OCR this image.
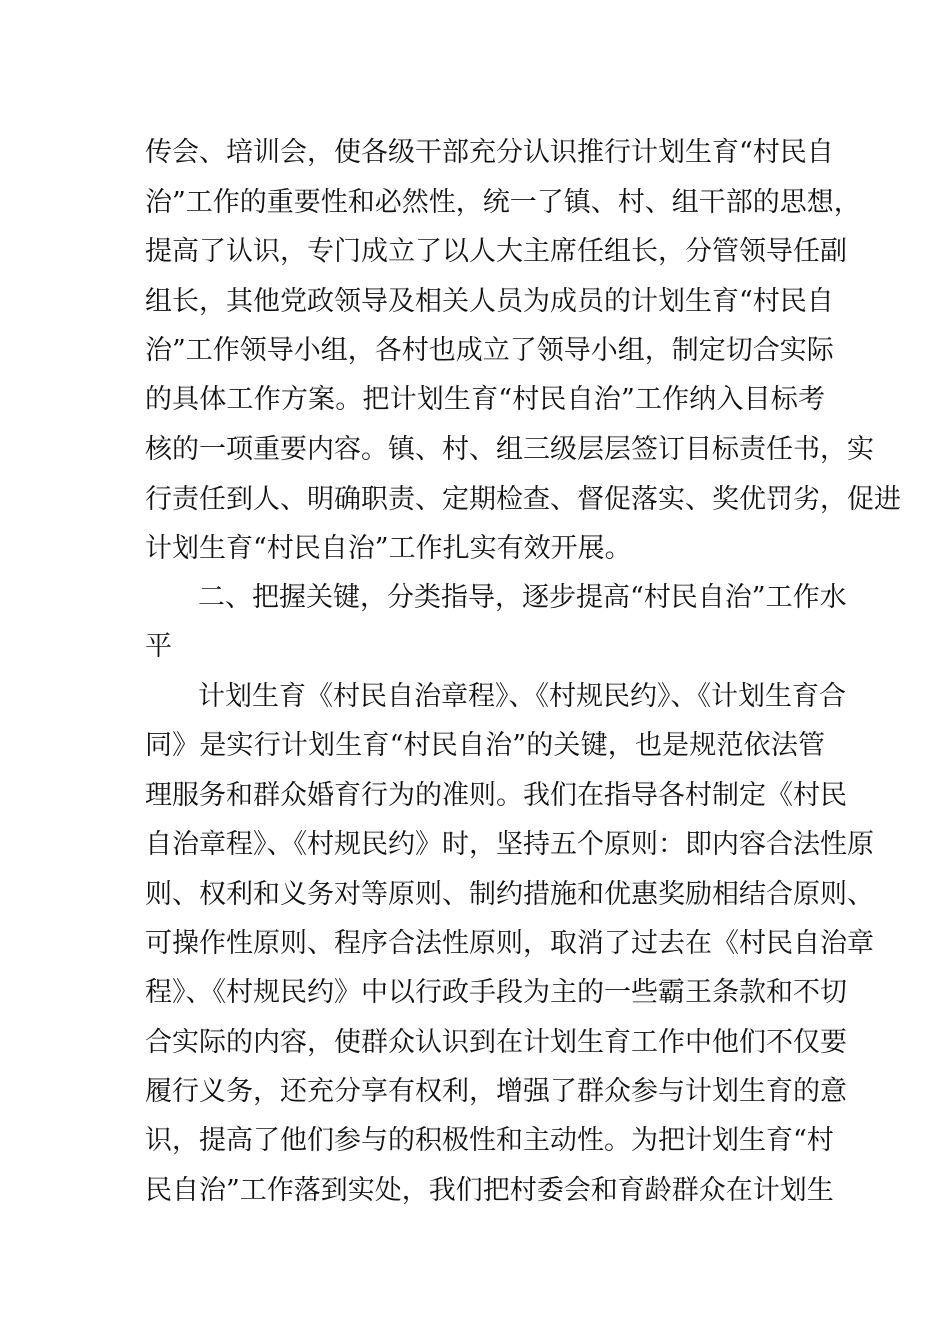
传会、培训会，使各级干部充分认识推行计划生育“村民自
治”工作的重要性和必然性，统一了镇、村、组干部的思想，
提高了认识，专门成立了以人大主席任组长，分管领导任副
组长，其他党政领导及相关人员为成员的计划生育“村民自
治”工作领导小组，各村也成立了领导小组，制定切合实际
的具体工作方案。把计划生育“村民自治”工作纳入目标考
核的一项重要内容。镇、村、组三级层层签订目标责任书，实
行责任到人、明确职责、定期检查、督促落实、奖优罚劣，促进
计划生育“村民自治”工作扎实有效开展。
二、把握关键，分类指导，逐步提高“村民自治”工作水
平
计划生育《村民自治章程》、《村规民约》、《计划生育合
同》是实行计划生育“村民自治”的关键，也是规范依法管
理服务和群众婚育行为的准则。我们在指导各村制定《村民
自治章程》、《村规民约》时，坚持五个原则：即内容合法性原
则、权利和义务对等原则、制约措施和优惠奖励相结合原则、
可操作性原则、程序合法性原则，取消了过去在《村民自治章
程》、《村规民约》中以行政手段为主的一些霸王条款和不切
合实际的内容，使群众认识到在计划生育工作中他们不仅要
履行义务，还充分享有权利，增强了群众参与计划生育的意
识，提高了他们参与的积极性和主动性。为把计划生育“村
民自治”工作落到实处，我们把村委会和育龄群众在计划生
